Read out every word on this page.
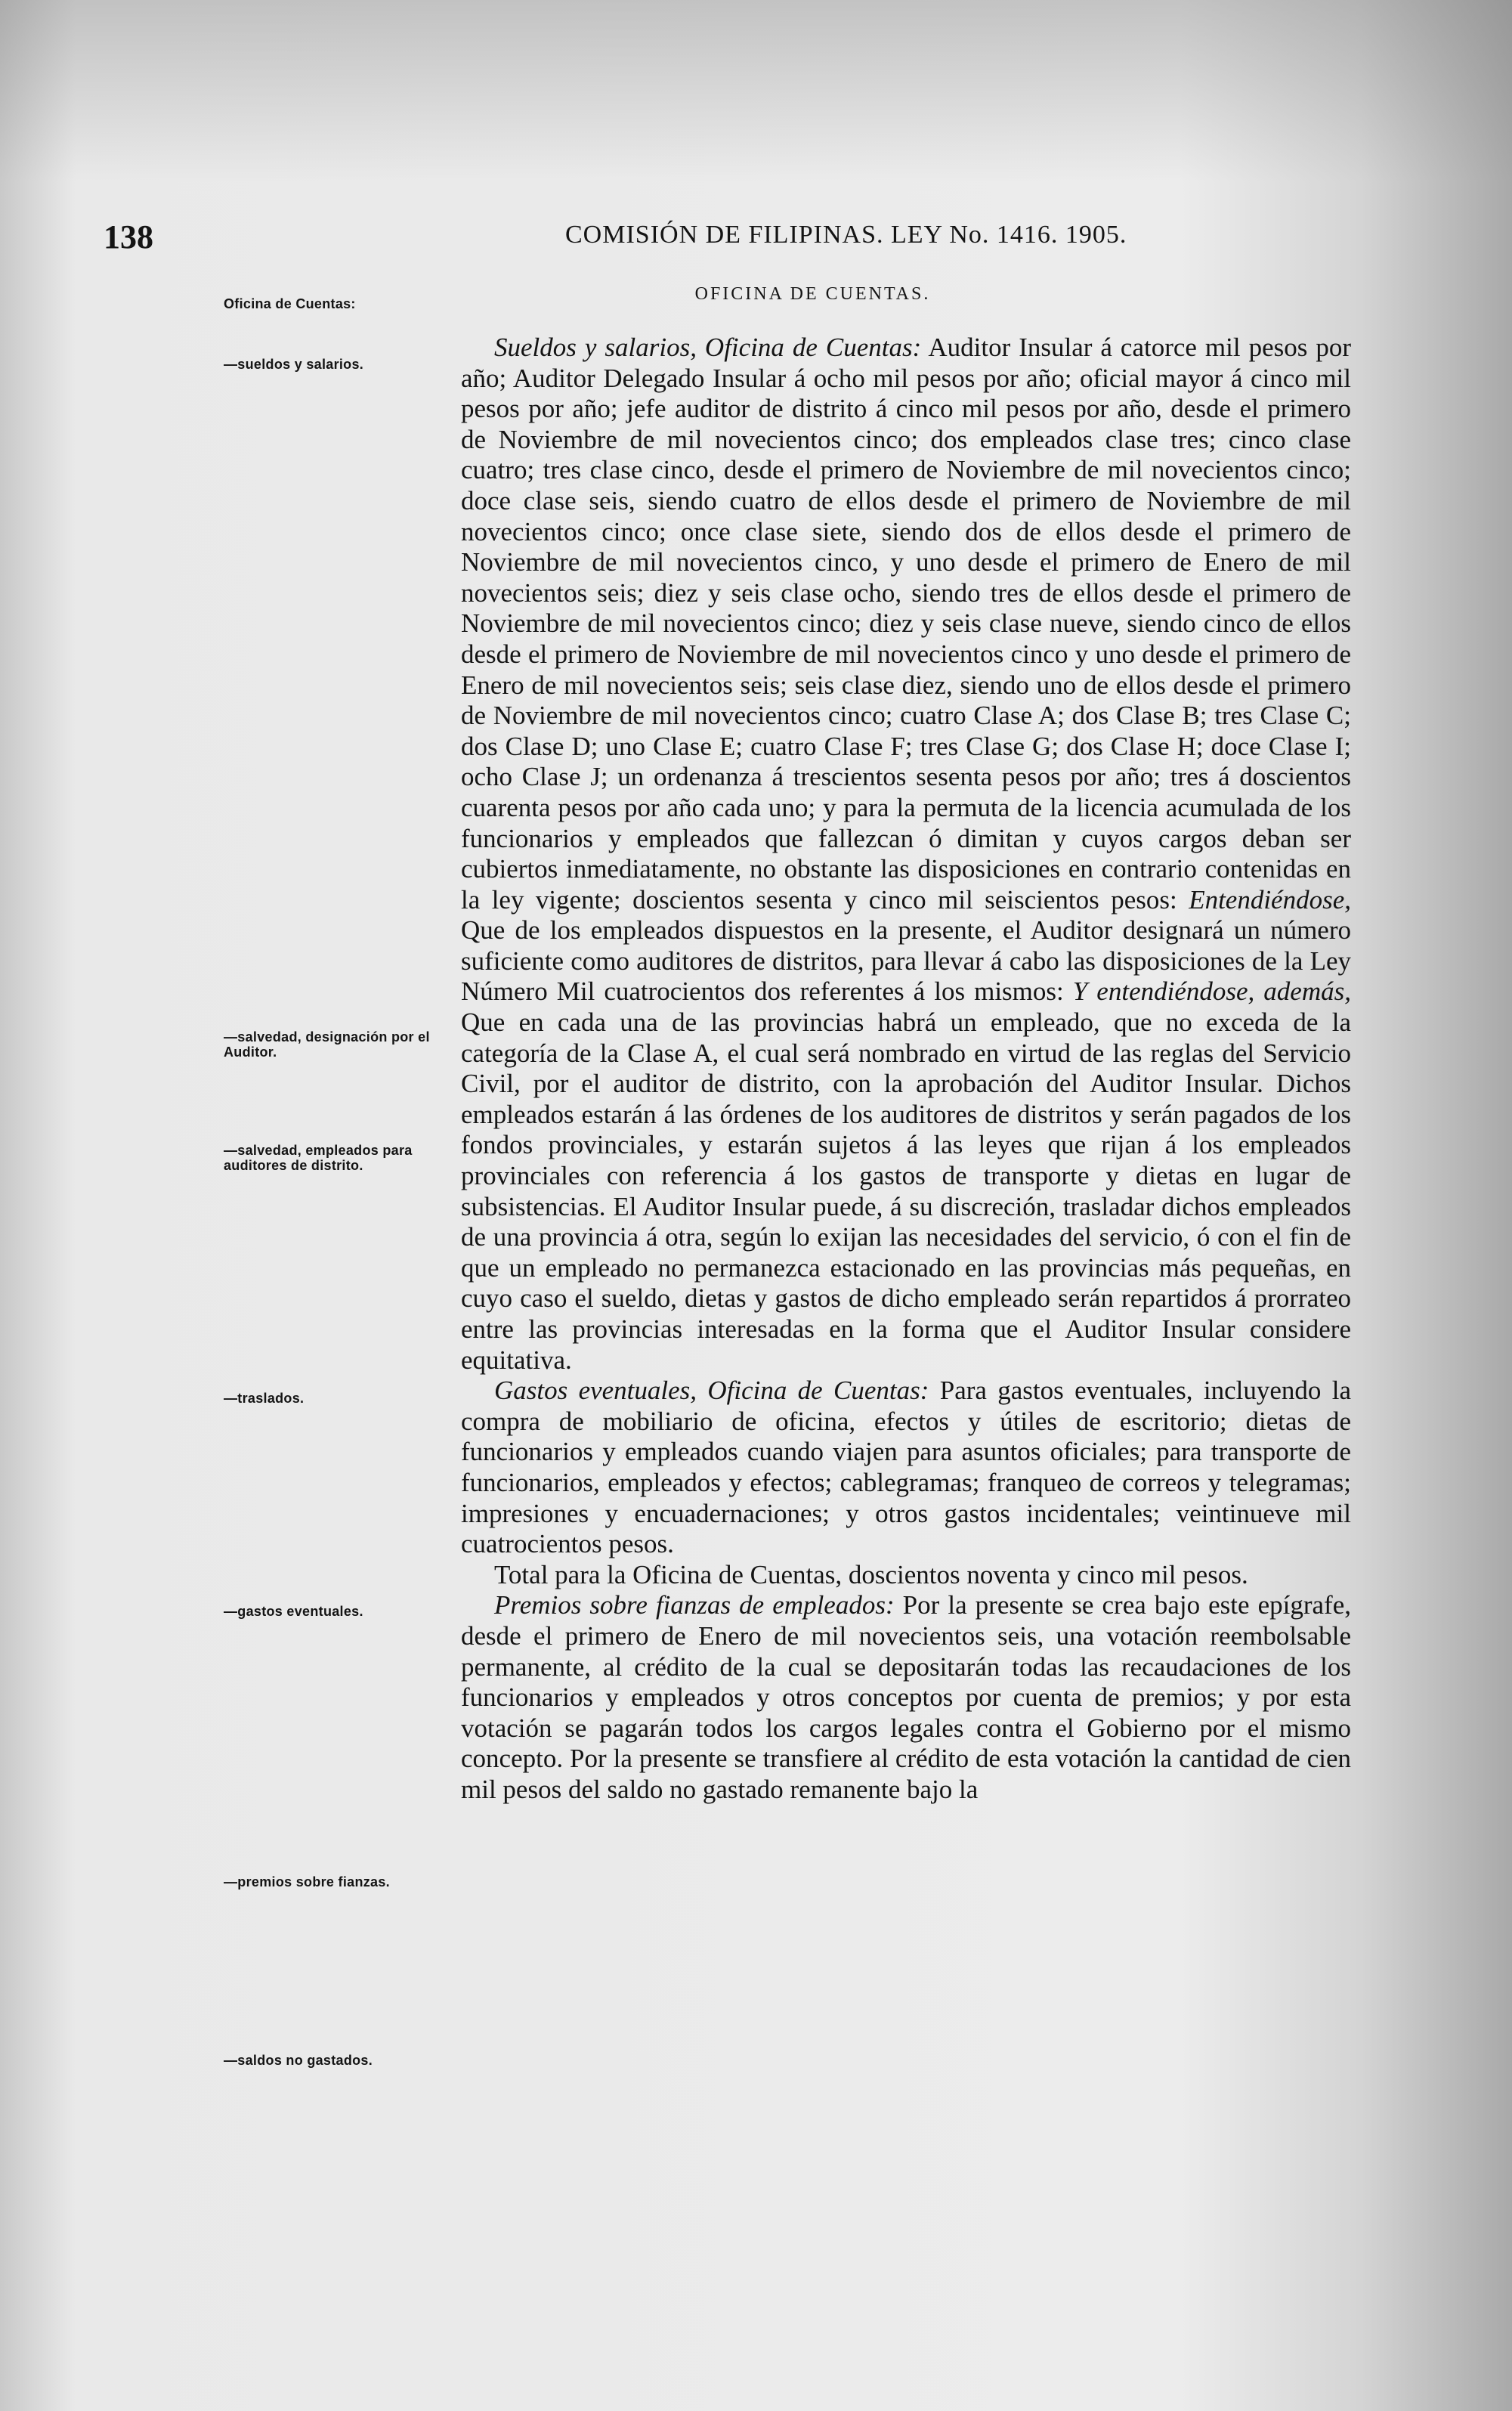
138	COMISIÓN DE FILIPINAS. LEY No. 1416. 1905.
OFICINA DE CUENTAS.
Oficina de Cuentas:
—sueldos y salarios.
—salvedad, designación por el Auditor.
—salvedad, empleados para auditores de distrito.
—traslados.
—gastos eventuales.
—premios sobre fianzas.
—saldos no gastados.

Sueldos y salarios, Oficina de Cuentas: Auditor Insular á catorce mil pesos por año; Auditor Delegado Insular á ocho mil pesos por año; oficial mayor á cinco mil pesos por año; jefe auditor de distrito á cinco mil pesos por año, desde el primero de Noviembre de mil novecientos cinco; dos empleados clase tres; cinco clase cuatro; tres clase cinco, desde el primero de Noviembre de mil novecientos cinco; doce clase seis, siendo cuatro de ellos desde el primero de Noviembre de mil novecientos cinco; once clase siete, siendo dos de ellos desde el primero de Noviembre de mil novecientos cinco, y uno desde el primero de Enero de mil novecientos seis; diez y seis clase ocho, siendo tres de ellos desde el primero de Noviembre de mil novecientos cinco; diez y seis clase nueve, siendo cinco de ellos desde el primero de Noviembre de mil novecientos cinco y uno desde el primero de Enero de mil novecientos seis; seis clase diez, siendo uno de ellos desde el primero de Noviembre de mil novecientos cinco; cuatro Clase A; dos Clase B; tres Clase C; dos Clase D; uno Clase E; cuatro Clase F; tres Clase G; dos Clase H; doce Clase I; ocho Clase J; un ordenanza á trescientos sesenta pesos por año; tres á doscientos cuarenta pesos por año cada uno; y para la permuta de la licencia acumulada de los funcionarios y empleados que fallezcan ó dimitan y cuyos cargos deban ser cubiertos inmediatamente, no obstante las disposiciones en contrario contenidas en la ley vigente; doscientos sesenta y cinco mil seiscientos pesos: Entendiéndose, Que de los empleados dispuestos en la presente, el Auditor designará un número suficiente como auditores de distritos, para llevar á cabo las disposiciones de la Ley Número Mil cuatrocientos dos referentes á los mismos: Y entendiéndose, además, Que en cada una de las provincias habrá un empleado, que no exceda de la categoría de la Clase A, el cual será nombrado en virtud de las reglas del Servicio Civil, por el auditor de distrito, con la aprobación del Auditor Insular. Dichos empleados estarán á las órdenes de los auditores de distritos y serán pagados de los fondos provinciales, y estarán sujetos á las leyes que rijan á los empleados provinciales con referencia á los gastos de transporte y dietas en lugar de subsistencias. El Auditor Insular puede, á su discreción, trasladar dichos empleados de una provincia á otra, según lo exijan las necesidades del servicio, ó con el fin de que un empleado no permanezca estacionado en las provincias más pequeñas, en cuyo caso el sueldo, dietas y gastos de dicho empleado serán repartidos á prorrateo entre las provincias interesadas en la forma que el Auditor Insular considere equitativa.

Gastos eventuales, Oficina de Cuentas: Para gastos eventuales, incluyendo la compra de mobiliario de oficina, efectos y útiles de escritorio; dietas de funcionarios y empleados cuando viajen para asuntos oficiales; para transporte de funcionarios, empleados y efectos; cablegramas; franqueo de correos y telegramas; impresiones y encuadernaciones; y otros gastos incidentales; veintinueve mil cuatrocientos pesos.

Total para la Oficina de Cuentas, doscientos noventa y cinco mil pesos.

Premios sobre fianzas de empleados: Por la presente se crea bajo este epígrafe, desde el primero de Enero de mil novecientos seis, una votación reembolsable permanente, al crédito de la cual se depositarán todas las recaudaciones de los funcionarios y empleados y otros conceptos por cuenta de premios; y por esta votación se pagarán todos los cargos legales contra el Gobierno por el mismo concepto. Por la presente se transfiere al crédito de esta votación la cantidad de cien mil pesos del saldo no gastado remanente bajo la
